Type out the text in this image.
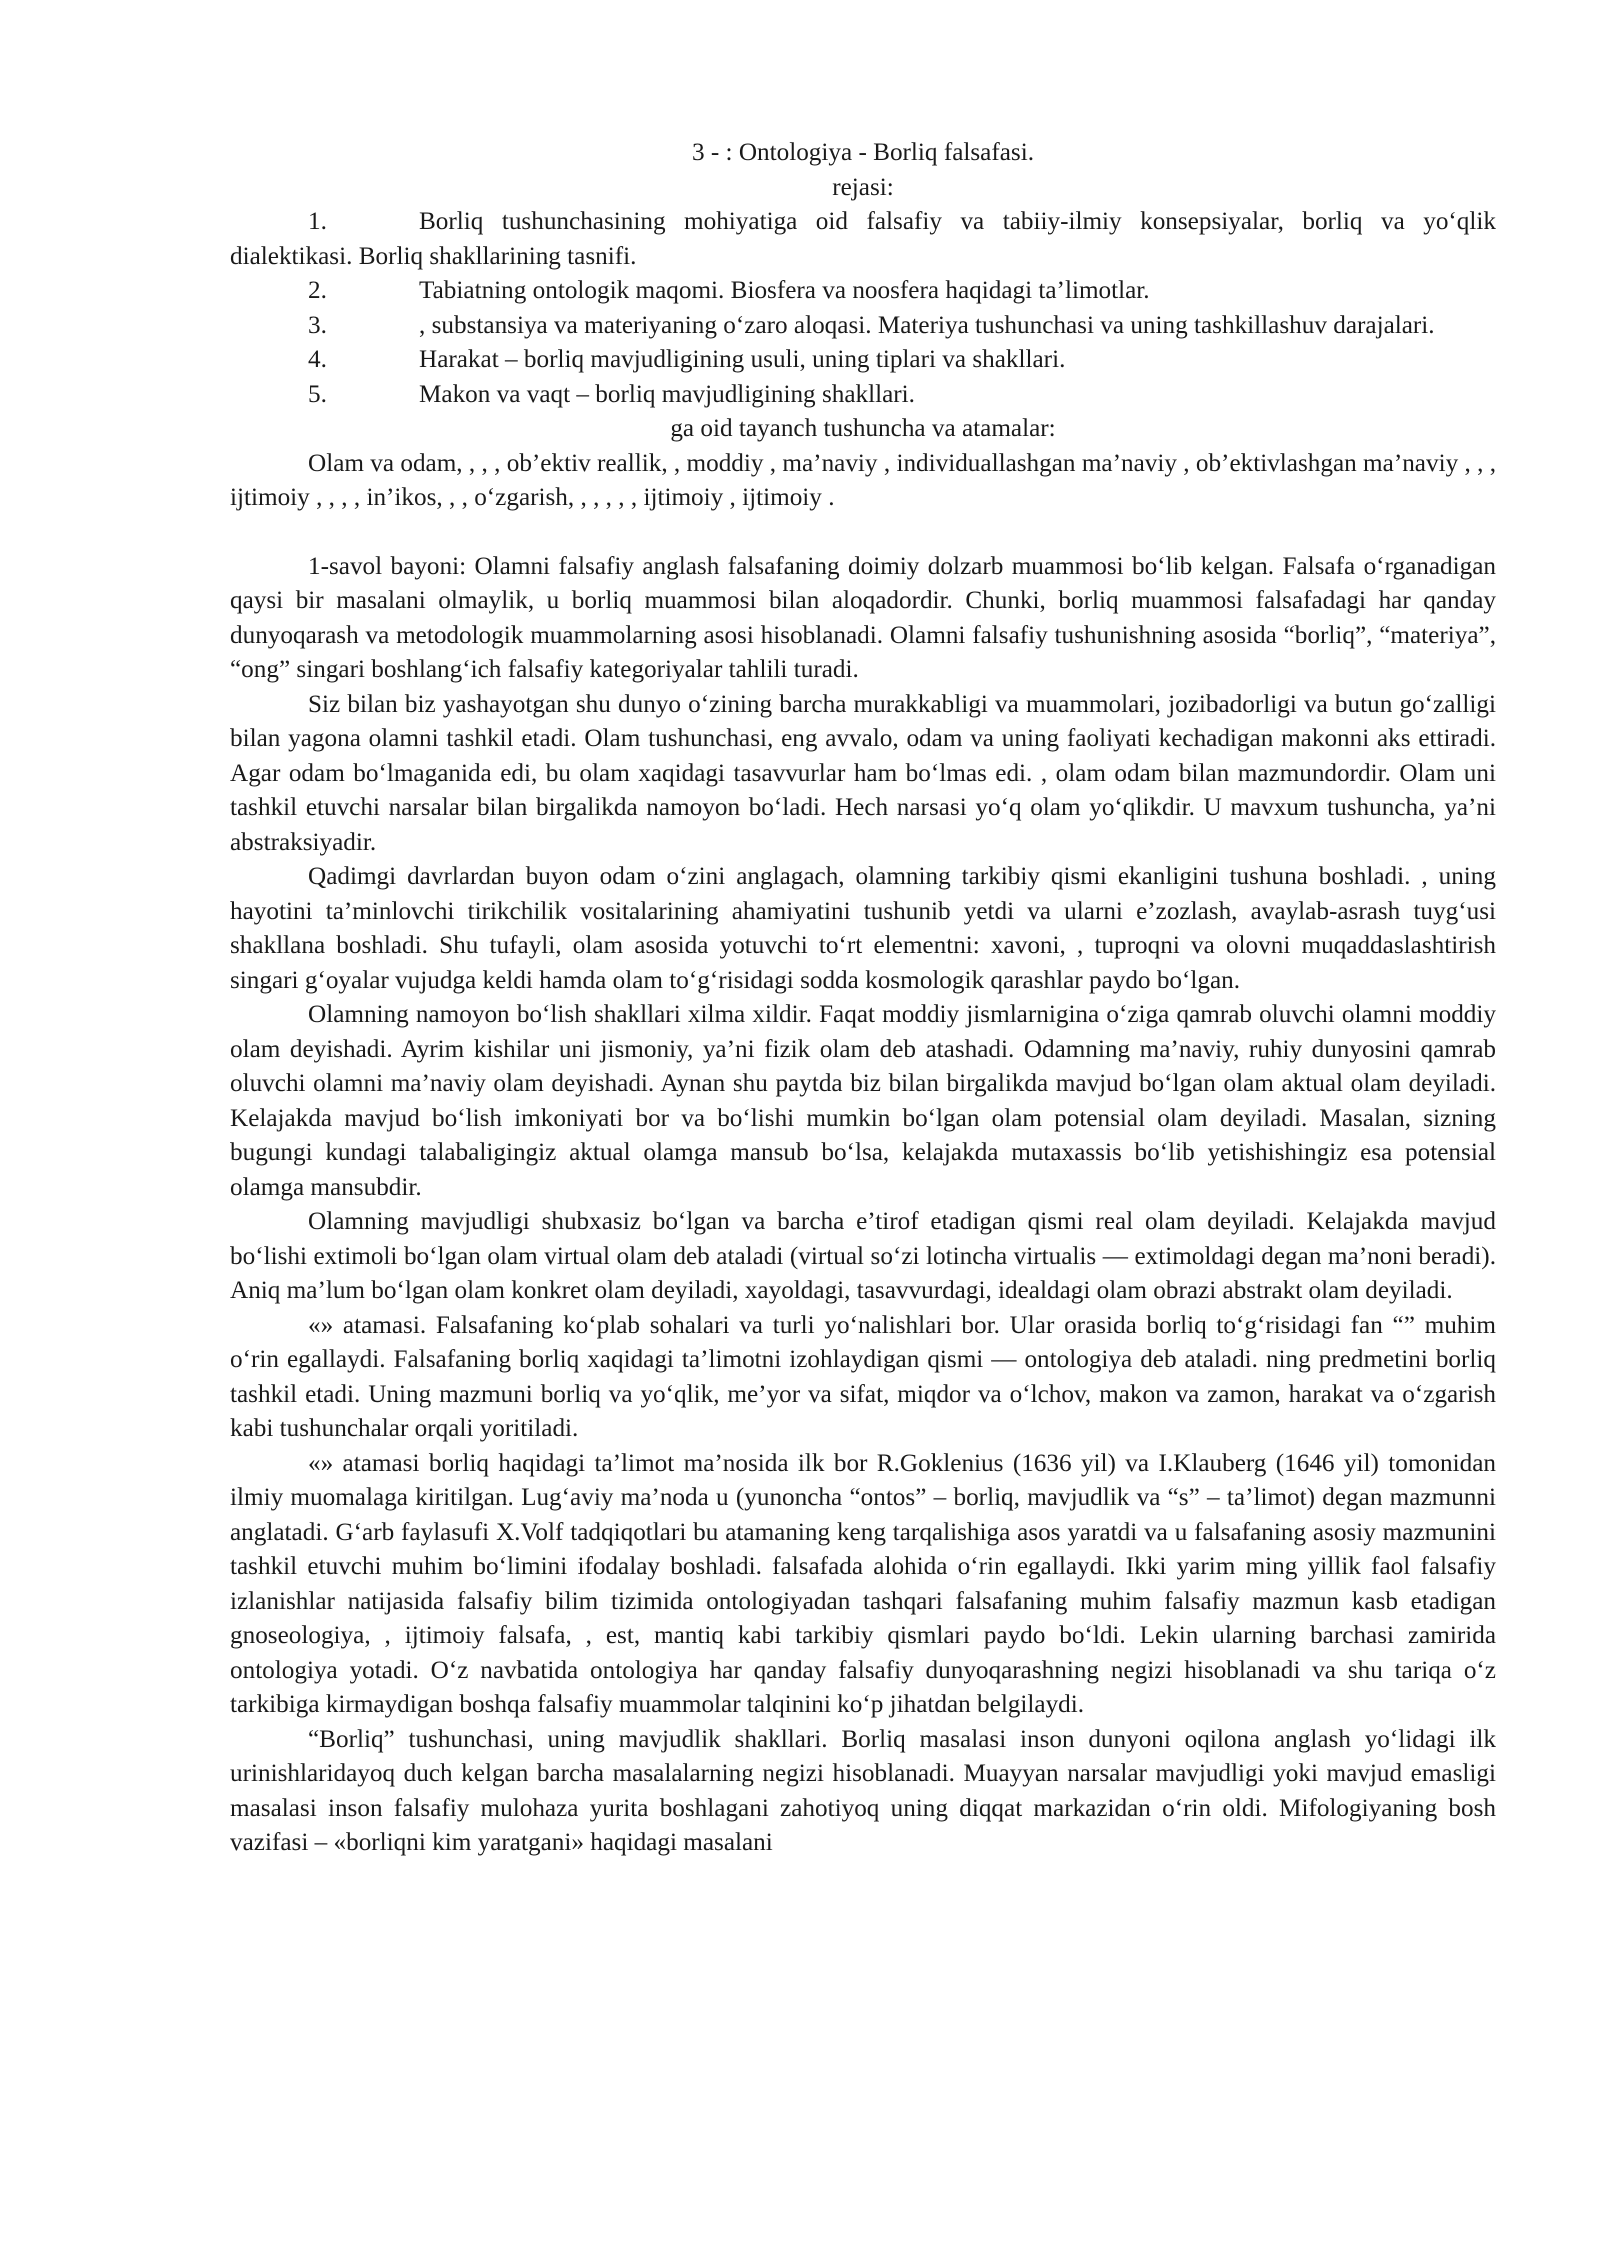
3 - : Ontologiya - Borliq falsafasi.

rejasi:

1.	Borliq tushunchasining mohiyatiga oid falsafiy va tabiiy-ilmiy konsepsiyalar, borliq va yo‘qlik dialektikasi. Borliq shakllarining tasnifi.

2.	Tabiatning ontologik maqomi. Biosfera va noosfera haqidagi ta’limotlar.

3.	, substansiya va materiyaning o‘zaro aloqasi. Materiya tushunchasi va uning tashkillashuv darajalari.

4.	Harakat – borliq mavjudligining usuli, uning tiplari va shakllari.

5.	Makon va vaqt – borliq mavjudligining shakllari.

ga oid tayanch tushuncha va atamalar:

Olam va odam, , , , ob’ektiv reallik, , moddiy , ma’naviy , individuallashgan ma’naviy , ob’ektivlashgan ma’naviy , , , ijtimoiy , , , , in’ikos, , , o‘zgarish, , , , , , ijtimoiy , ijtimoiy .

1-savol bayoni: Olamni falsafiy anglash falsafaning doimiy dolzarb muammosi bo‘lib kelgan. Falsafa o‘rganadigan qaysi bir masalani olmaylik, u borliq muammosi bilan aloqadordir. Chunki, borliq muammosi falsafadagi har qanday dunyoqarash va metodologik muammolarning asosi hisoblanadi. Olamni falsafiy tushunishning asosida “borliq”, “materiya”, “ong” singari boshlang‘ich falsafiy kategoriyalar tahlili turadi.

Siz bilan biz yashayotgan shu dunyo o‘zining barcha murakkabligi va muammolari, jozibadorligi va butun go‘zalligi bilan yagona olamni tashkil etadi. Olam tushunchasi, eng avvalo, odam va uning faoliyati kechadigan makonni aks ettiradi. Agar odam bo‘lmaganida edi, bu olam xaqidagi tasavvurlar ham bo‘lmas edi. , olam odam bilan mazmundordir. Olam uni tashkil etuvchi narsalar bilan birgalikda namoyon bo‘ladi. Hech narsasi yo‘q olam yo‘qlikdir. U mavxum tushuncha, ya’ni abstraksiyadir.

Qadimgi davrlardan buyon odam o‘zini anglagach, olamning tarkibiy qismi ekanligini tushuna boshladi. , uning hayotini ta’minlovchi tirikchilik vositalarining ahamiyatini tushunib yetdi va ularni e’zozlash, avaylab-asrash tuyg‘usi shakllana boshladi. Shu tufayli, olam asosida yotuvchi to‘rt elementni: xavoni, , tuproqni va olovni muqaddaslashtirish singari g‘oyalar vujudga keldi hamda olam to‘g‘risidagi sodda kosmologik qarashlar paydo bo‘lgan.

Olamning namoyon bo‘lish shakllari xilma xildir. Faqat moddiy jismlarnigina o‘ziga qamrab oluvchi olamni moddiy olam deyishadi. Ayrim kishilar uni jismoniy, ya’ni fizik olam deb atashadi. Odamning ma’naviy, ruhiy dunyosini qamrab oluvchi olamni ma’naviy olam deyishadi. Aynan shu paytda biz bilan birgalikda mavjud bo‘lgan olam aktual olam deyiladi. Kelajakda mavjud bo‘lish imkoniyati bor va bo‘lishi mumkin bo‘lgan olam potensial olam deyiladi. Masalan, sizning bugungi kundagi talabaligingiz aktual olamga mansub bo‘lsa, kelajakda mutaxassis bo‘lib yetishishingiz esa potensial olamga mansubdir.

Olamning mavjudligi shubxasiz bo‘lgan va barcha e’tirof etadigan qismi real olam deyiladi. Kelajakda mavjud bo‘lishi extimoli bo‘lgan olam virtual olam deb ataladi (virtual so‘zi lotincha virtualis — extimoldagi degan ma’noni beradi). Aniq ma’lum bo‘lgan olam konkret olam deyiladi, xayoldagi, tasavvurdagi, idealdagi olam obrazi abstrakt olam deyiladi.

«» atamasi. Falsafaning ko‘plab sohalari va turli yo‘nalishlari bor. Ular orasida borliq to‘g‘risidagi fan “” muhim o‘rin egallaydi. Falsafaning borliq xaqidagi ta’limotni izohlaydigan qismi — ontologiya deb ataladi. ning predmetini borliq tashkil etadi. Uning mazmuni borliq va yo‘qlik, me’yor va sifat, miqdor va o‘lchov, makon va zamon, harakat va o‘zgarish kabi tushunchalar orqali yoritiladi.

«» atamasi borliq haqidagi ta’limot ma’nosida ilk bor R.Goklenius (1636 yil) va I.Klauberg (1646 yil) tomonidan ilmiy muomalaga kiritilgan. Lug‘aviy ma’noda u (yunoncha “ontos” – borliq, mavjudlik va “s” – ta’limot) degan mazmunni anglatadi. G‘arb faylasufi X.Volf tadqiqotlari bu atamaning keng tarqalishiga asos yaratdi va u falsafaning asosiy mazmunini tashkil etuvchi muhim bo‘limini ifodalay boshladi. falsafada alohida o‘rin egallaydi. Ikki yarim ming yillik faol falsafiy izlanishlar natijasida falsafiy bilim tizimida ontologiyadan tashqari falsafaning muhim falsafiy mazmun kasb etadigan gnoseologiya, , ijtimoiy falsafa, , est, mantiq kabi tarkibiy qismlari paydo bo‘ldi. Lekin ularning barchasi zamirida ontologiya yotadi. O‘z navbatida ontologiya har qanday falsafiy dunyoqarashning negizi hisoblanadi va shu tariqa o‘z tarkibiga kirmaydigan boshqa falsafiy muammolar talqinini ko‘p jihatdan belgilaydi.

“Borliq” tushunchasi, uning mavjudlik shakllari. Borliq masalasi inson dunyoni oqilona anglash yo‘lidagi ilk urinishlaridayoq duch kelgan barcha masalalarning negizi hisoblanadi. Muayyan narsalar mavjudligi yoki mavjud emasligi masalasi inson falsafiy mulohaza yurita boshlagani zahotiyoq uning diqqat markazidan o‘rin oldi. Mifologiyaning bosh vazifasi – «borliqni kim yaratgani» haqidagi masalani
